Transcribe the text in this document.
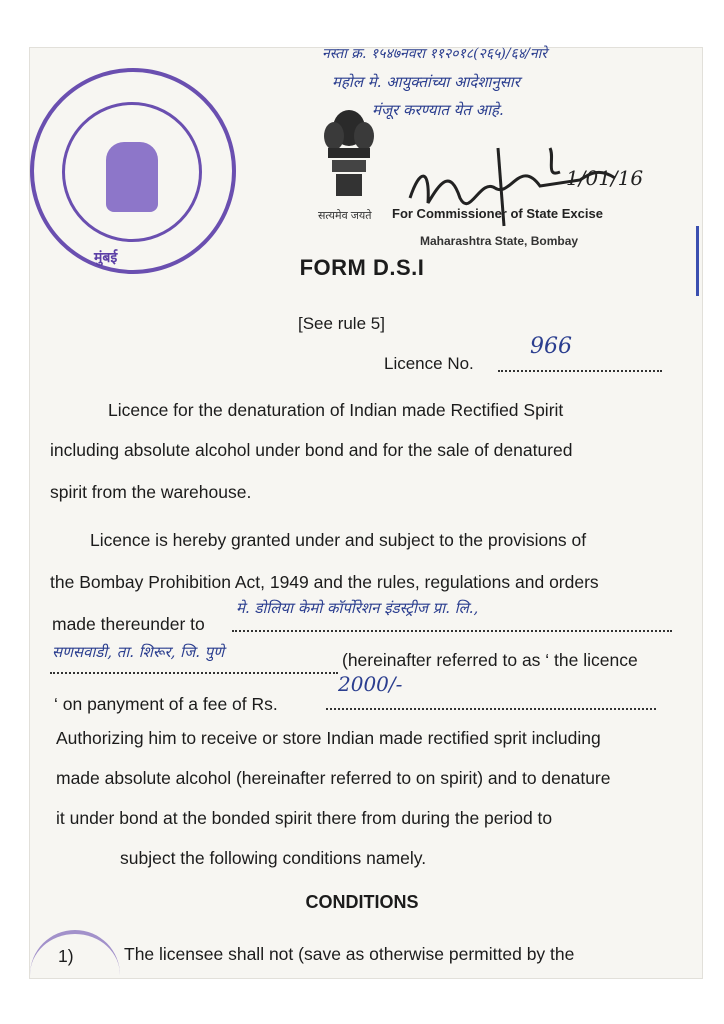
मुंबई
सत्यमेव जयते
नस्ता क्र. १५४७नवरा ११२०१८(२६५)/६४/नारे
महोल मे. आयुक्तांच्या आदेशानुसार
मंजूर करण्यात येत आहे.
1/01/16
For Commissioner of State Excise
Maharashtra State, Bombay
FORM D.S.I
[See rule 5]
Licence No.
966
Licence for the denaturation of Indian made Rectified Spirit
including absolute alcohol under bond and for the sale of denatured
spirit from the warehouse.
Licence is hereby granted under and subject to the provisions of
the Bombay Prohibition Act, 1949 and the rules, regulations and orders
made thereunder to
मे. डोलिया केमो कॉर्पोरेशन इंडस्ट्रीज प्रा. लि.,
सणसवाडी, ता. शिरूर, जि. पुणे	(hereinafter referred to as ‘ the licence
‘ on panyment of a fee of Rs.
2000/-
Authorizing him to receive or store Indian made rectified sprit including
made absolute alcohol (hereinafter referred to on spirit) and to denature
it under bond at the bonded spirit there from during the period to
subject the following conditions namely.
CONDITIONS
1)	The licensee shall not (save as otherwise permitted by the
